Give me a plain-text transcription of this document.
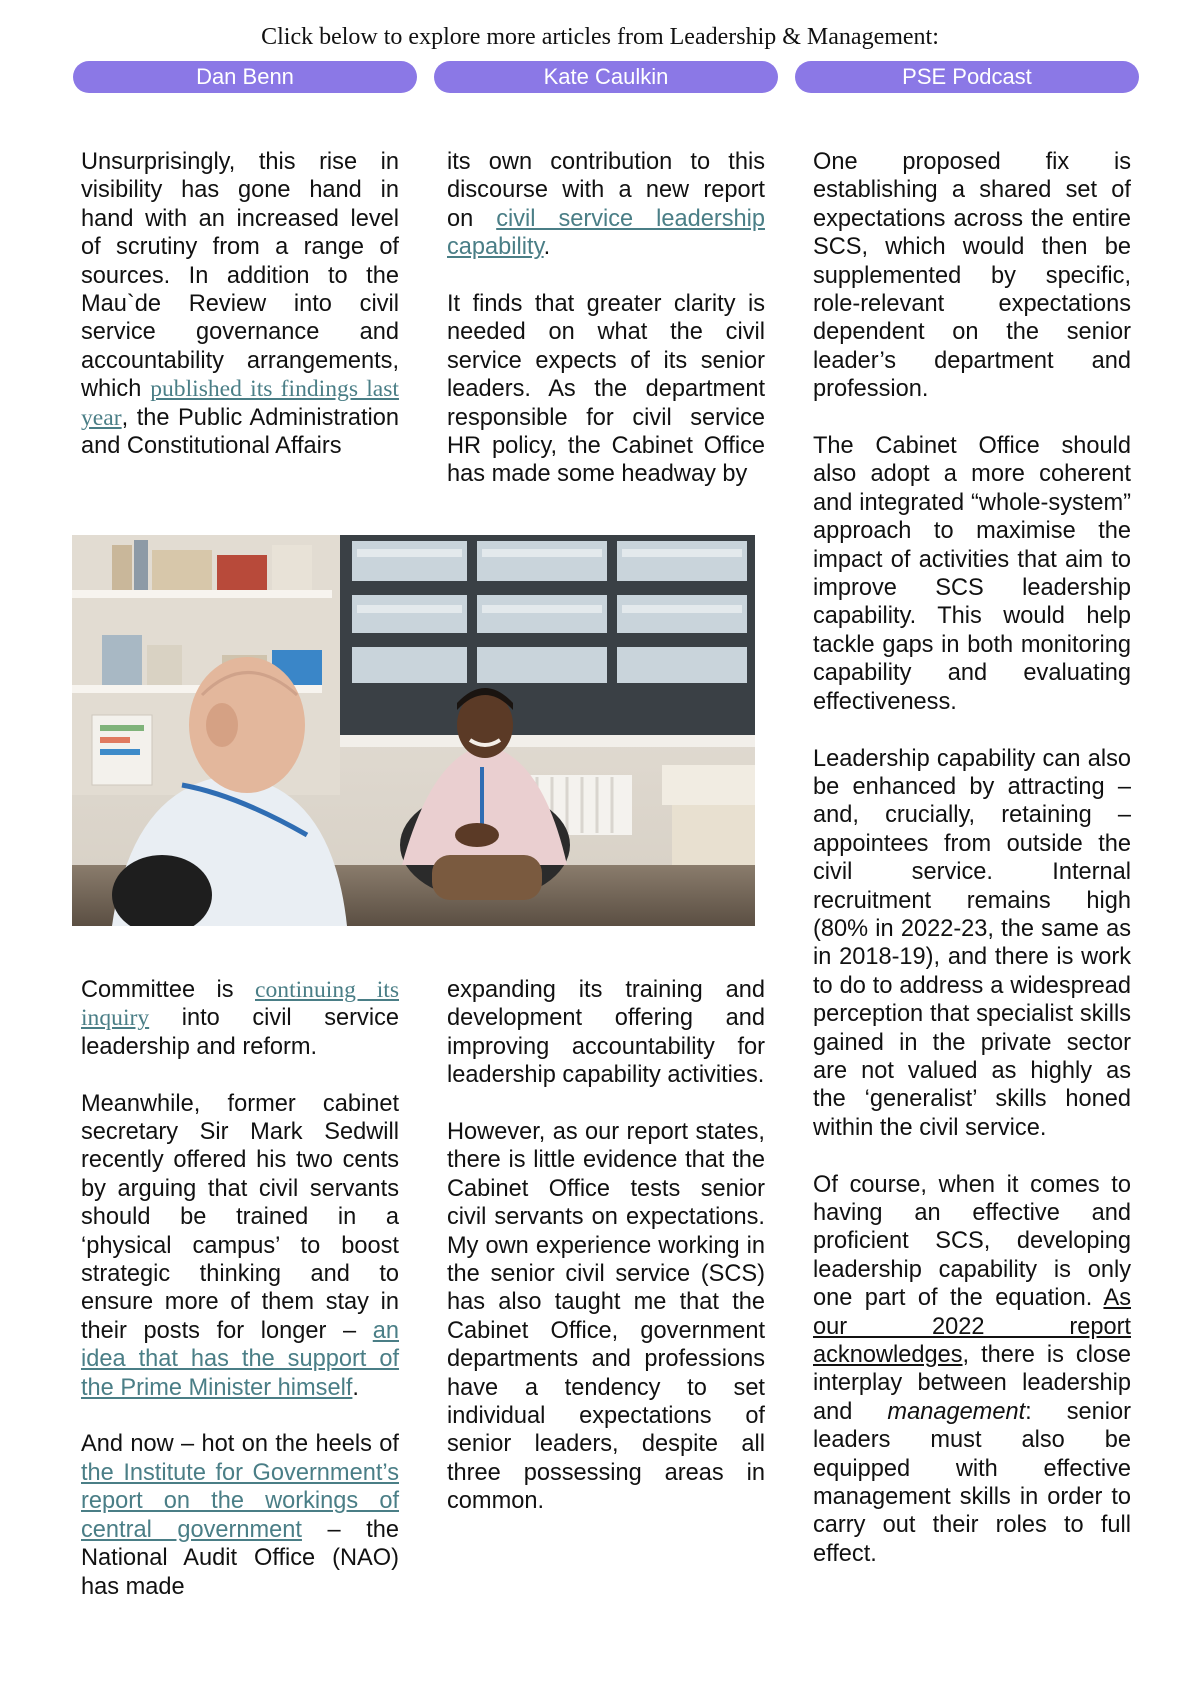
Click below to explore more articles from Leadership & Management:
Dan Benn	Kate Caulkin	PSE Podcast

Unsurprisingly, this rise in visibility has gone hand in hand with an increased level of scrutiny from a range of sources. In addition to the Mau`de Review into civil service governance and accountability arrangements, which published its findings last year, the Public Administration and Constitutional Affairs

its own contribution to this discourse with a new report on civil service leadership capability.

It finds that greater clarity is needed on what the civil service expects of its senior leaders. As the department responsible for civil service HR policy, the Cabinet Office has made some headway by

Committee is continuing its inquiry into civil service leadership and reform.

Meanwhile, former cabinet secretary Sir Mark Sedwill recently offered his two cents by arguing that civil servants should be trained in a ‘physical campus’ to boost strategic thinking and to ensure more of them stay in their posts for longer – an idea that has the support of the Prime Minister himself.

And now – hot on the heels of the Institute for Government’s report on the workings of central government – the National Audit Office (NAO) has made

expanding its training and development offering and improving accountability for leadership capability activities.

However, as our report states, there is little evidence that the Cabinet Office tests senior civil servants on expectations. My own experience working in the senior civil service (SCS) has also taught me that the Cabinet Office, government departments and professions have a tendency to set individual expectations of senior leaders, despite all three possessing areas in common.

One proposed fix is establishing a shared set of expectations across the entire SCS, which would then be supplemented by specific, role-relevant expectations dependent on the senior leader’s department and profession.

The Cabinet Office should also adopt a more coherent and integrated “whole-system” approach to maximise the impact of activities that aim to improve SCS leadership capability. This would help tackle gaps in both monitoring capability and evaluating effectiveness.

Leadership capability can also be enhanced by attracting – and, crucially, retaining – appointees from outside the civil service. Internal recruitment remains high (80% in 2022-23, the same as in 2018-19), and there is work to do to address a widespread perception that specialist skills gained in the private sector are not valued as highly as the ‘generalist’ skills honed within the civil service.

Of course, when it comes to having an effective and proficient SCS, developing leadership capability is only one part of the equation. As our 2022 report acknowledges, there is close interplay between leadership and management: senior leaders must also be equipped with effective management skills in order to carry out their roles to full effect.
